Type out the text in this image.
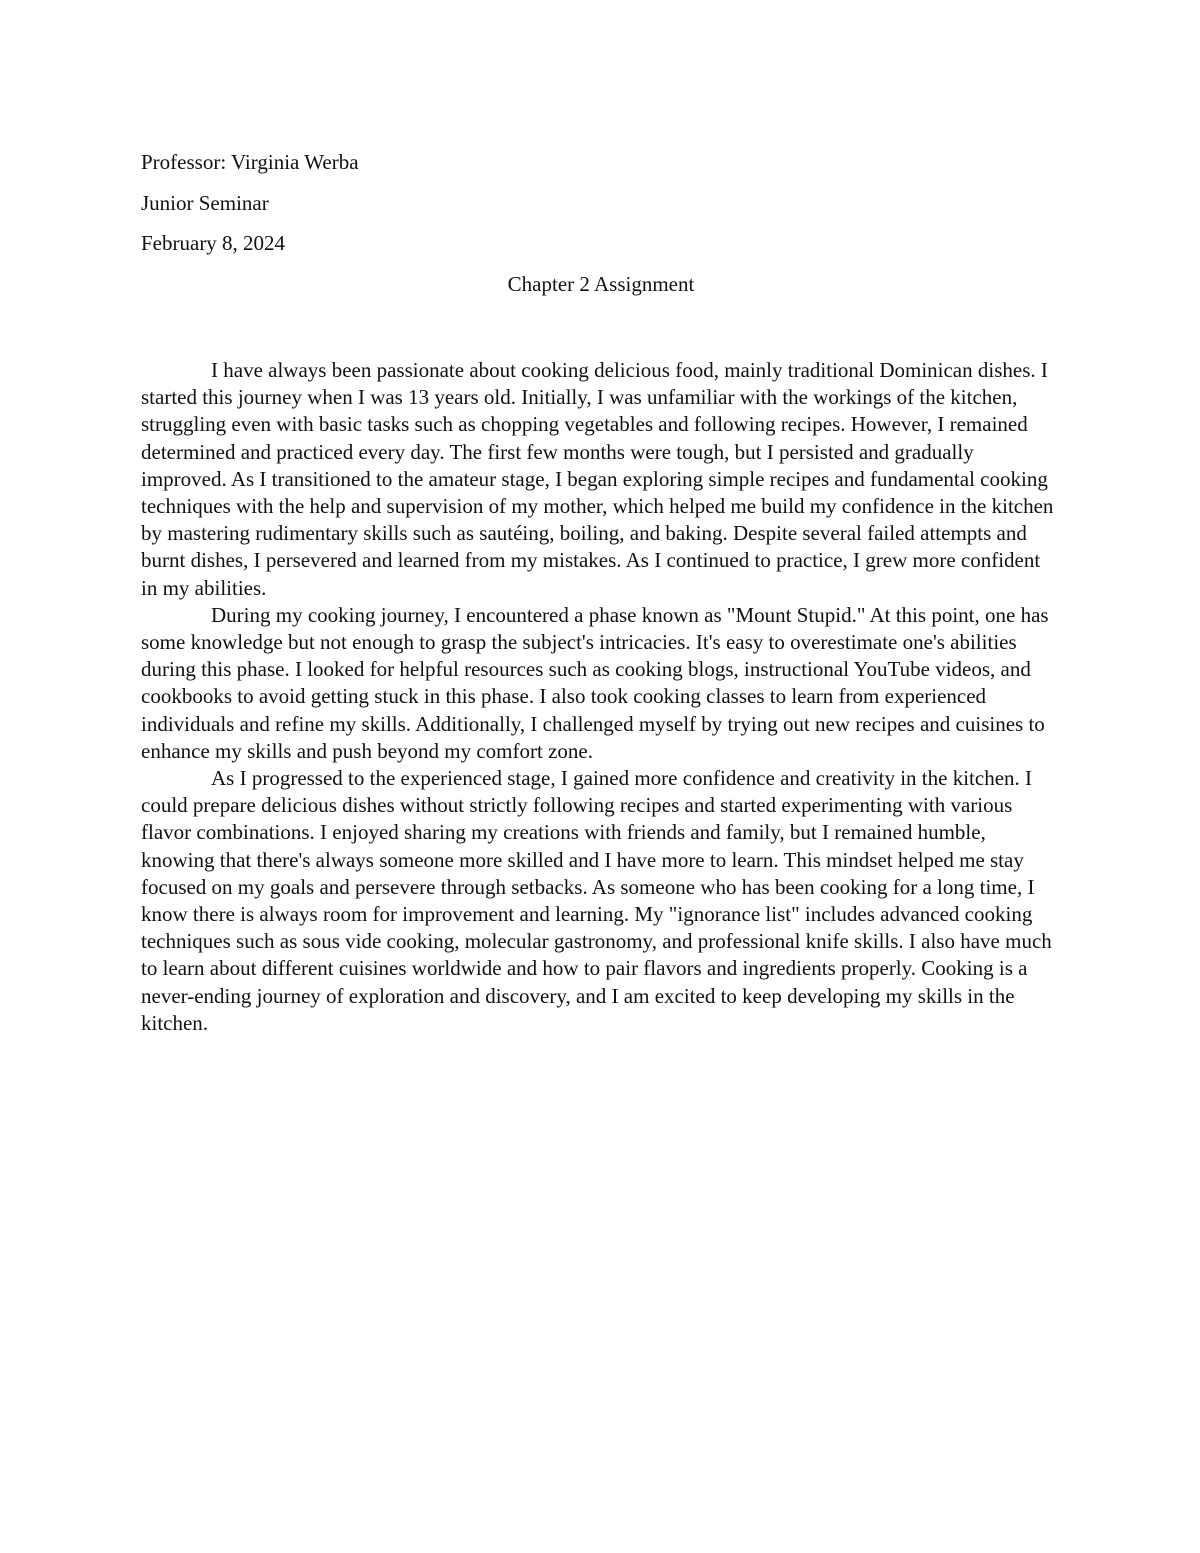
Professor: Virginia Werba

Junior Seminar

February 8, 2024

Chapter 2 Assignment

I have always been passionate about cooking delicious food, mainly traditional Dominican dishes. I started this journey when I was 13 years old. Initially, I was unfamiliar with the workings of the kitchen, struggling even with basic tasks such as chopping vegetables and following recipes. However, I remained determined and practiced every day. The first few months were tough, but I persisted and gradually improved. As I transitioned to the amateur stage, I began exploring simple recipes and fundamental cooking techniques with the help and supervision of my mother, which helped me build my confidence in the kitchen by mastering rudimentary skills such as sautéing, boiling, and baking. Despite several failed attempts and burnt dishes, I persevered and learned from my mistakes. As I continued to practice, I grew more confident in my abilities.

During my cooking journey, I encountered a phase known as "Mount Stupid." At this point, one has some knowledge but not enough to grasp the subject's intricacies. It's easy to overestimate one's abilities during this phase. I looked for helpful resources such as cooking blogs, instructional YouTube videos, and cookbooks to avoid getting stuck in this phase. I also took cooking classes to learn from experienced individuals and refine my skills. Additionally, I challenged myself by trying out new recipes and cuisines to enhance my skills and push beyond my comfort zone.

As I progressed to the experienced stage, I gained more confidence and creativity in the kitchen. I could prepare delicious dishes without strictly following recipes and started experimenting with various flavor combinations. I enjoyed sharing my creations with friends and family, but I remained humble, knowing that there's always someone more skilled and I have more to learn. This mindset helped me stay focused on my goals and persevere through setbacks. As someone who has been cooking for a long time, I know there is always room for improvement and learning. My "ignorance list" includes advanced cooking techniques such as sous vide cooking, molecular gastronomy, and professional knife skills. I also have much to learn about different cuisines worldwide and how to pair flavors and ingredients properly. Cooking is a never-ending journey of exploration and discovery, and I am excited to keep developing my skills in the kitchen.
